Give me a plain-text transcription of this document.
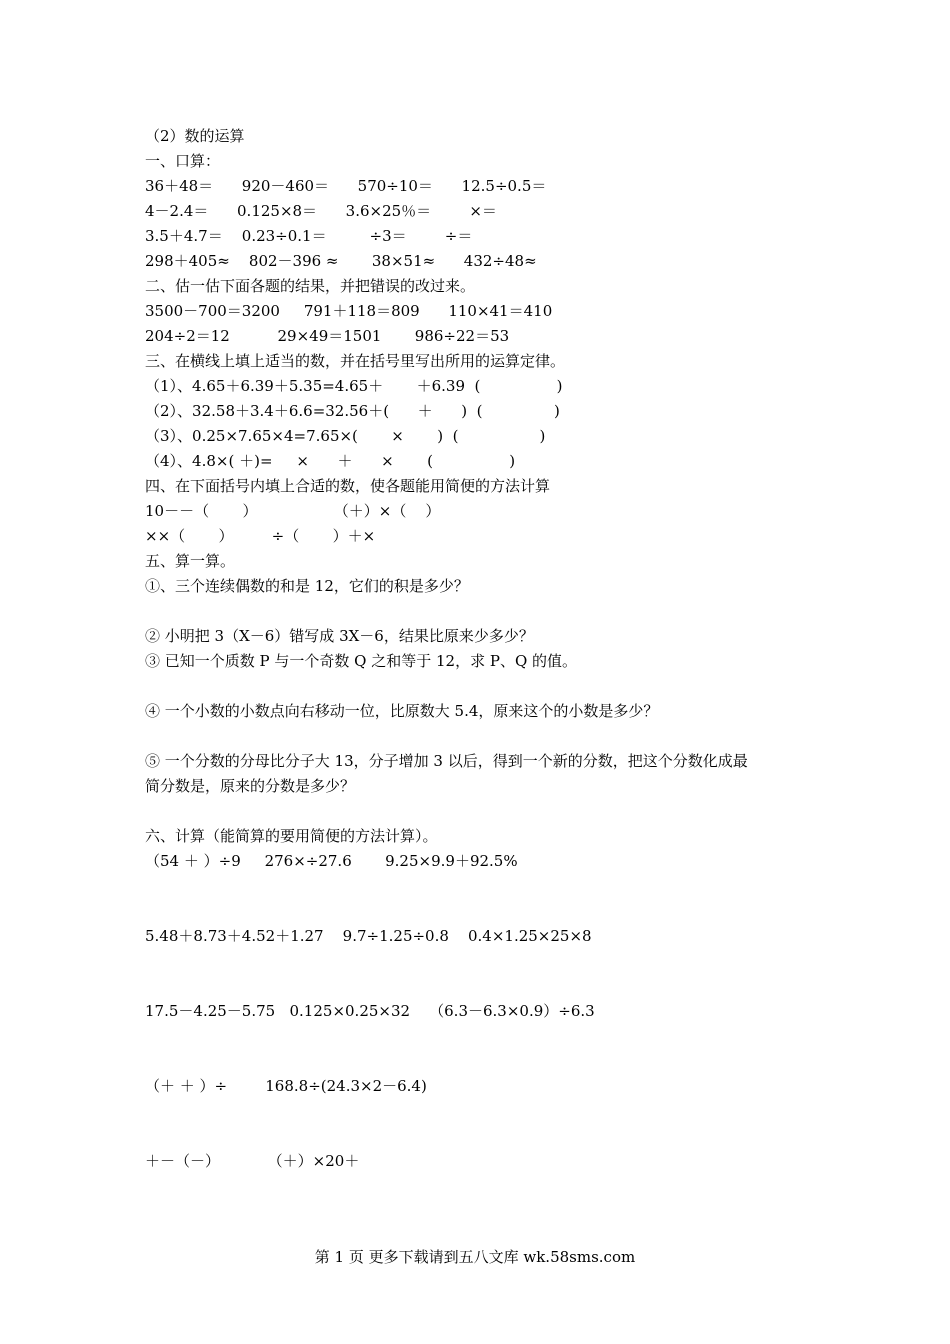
（2）数的运算
一、口算：
36＋48＝      920－460＝      570÷10＝      12.5÷0.5＝
4－2.4＝      0.125×8＝      3.6×25％＝        ×＝
3.5＋4.7＝    0.23÷0.1＝         ÷3＝        ÷＝
298＋405≈    802－396 ≈       38×51≈      432÷48≈
二、估一估下面各题的结果，并把错误的改过来。
3500－700＝3200     791＋118＝809      110×41＝410
204÷2＝12          29×49＝1501       986÷22＝53
三、在横线上填上适当的数，并在括号里写出所用的运算定律。
（1）、4.65＋6.39＋5.35=4.65＋       ＋6.39  (                )
（2）、32.58＋3.4＋6.6=32.56＋(      ＋      )  (               )
（3）、0.25×7.65×4=7.65×(       ×       )  (                 )
（4）、4.8×( ＋)=     ×      ＋      ×       (                )
四、在下面括号内填上合适的数，使各题能用简便的方法计算
10－－（       ）                （＋）×（    ）
××（       ）        ÷（       ）＋×
五、算一算。
①、三个连续偶数的和是 12，它们的积是多少？
② 小明把 3（X－6）错写成 3X－6，结果比原来少多少？
③ 已知一个质数 P 与一个奇数 Q 之和等于 12，求 P、Q 的值。
④ 一个小数的小数点向右移动一位，比原数大 5.4，原来这个的小数是多少？
⑤ 一个分数的分母比分子大 13，分子增加 3 以后，得到一个新的分数，把这个分数化成最
简分数是，原来的分数是多少？
六、计算（能简算的要用简便的方法计算）。
（54 ＋ ）÷9     276×÷27.6       9.25×9.9＋92.5%
5.48＋8.73＋4.52＋1.27    9.7÷1.25÷0.8    0.4×1.25×25×8
17.5－4.25－5.75   0.125×0.25×32    （6.3－6.3×0.9）÷6.3
（＋ ＋ ）÷        168.8÷(24.3×2－6.4)
＋－（－）          （＋）×20＋
第 1 页 更多下载请到五八文库 wk.58sms.com
